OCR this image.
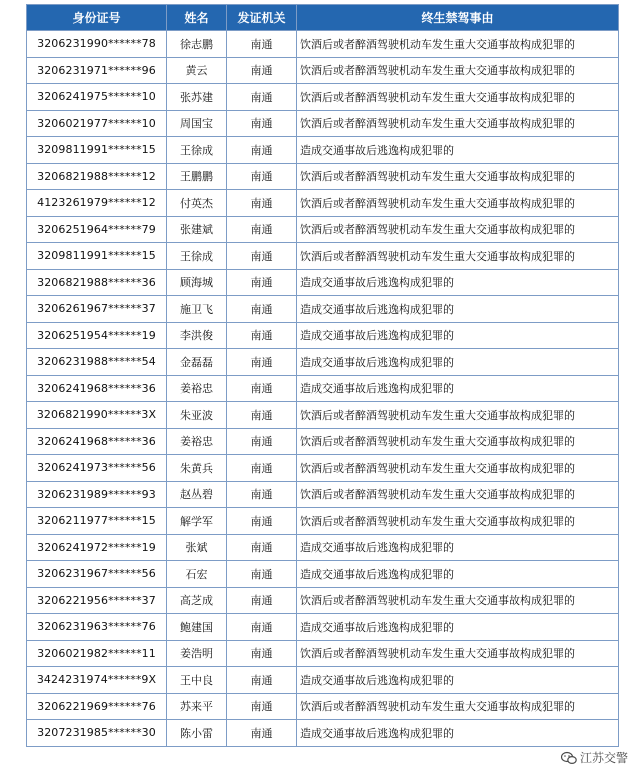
身份证号	姓名	发证机关	终生禁驾事由
3206231990******78	徐志鹏	南通	饮酒后或者醉酒驾驶机动车发生重大交通事故构成犯罪的
3206231971******96	黄云	南通	饮酒后或者醉酒驾驶机动车发生重大交通事故构成犯罪的
3206241975******10	张苏建	南通	饮酒后或者醉酒驾驶机动车发生重大交通事故构成犯罪的
3206021977******10	周国宝	南通	饮酒后或者醉酒驾驶机动车发生重大交通事故构成犯罪的
3209811991******15	王徐成	南通	造成交通事故后逃逸构成犯罪的
3206821988******12	王鹏鹏	南通	饮酒后或者醉酒驾驶机动车发生重大交通事故构成犯罪的
4123261979******12	付英杰	南通	饮酒后或者醉酒驾驶机动车发生重大交通事故构成犯罪的
3206251964******79	张建斌	南通	饮酒后或者醉酒驾驶机动车发生重大交通事故构成犯罪的
3209811991******15	王徐成	南通	饮酒后或者醉酒驾驶机动车发生重大交通事故构成犯罪的
3206821988******36	顾海城	南通	造成交通事故后逃逸构成犯罪的
3206261967******37	施卫飞	南通	造成交通事故后逃逸构成犯罪的
3206251954******19	李洪俊	南通	造成交通事故后逃逸构成犯罪的
3206231988******54	金磊磊	南通	造成交通事故后逃逸构成犯罪的
3206241968******36	姜裕忠	南通	造成交通事故后逃逸构成犯罪的
3206821990******3X	朱亚波	南通	饮酒后或者醉酒驾驶机动车发生重大交通事故构成犯罪的
3206241968******36	姜裕忠	南通	饮酒后或者醉酒驾驶机动车发生重大交通事故构成犯罪的
3206241973******56	朱黄兵	南通	饮酒后或者醉酒驾驶机动车发生重大交通事故构成犯罪的
3206231989******93	赵丛碧	南通	饮酒后或者醉酒驾驶机动车发生重大交通事故构成犯罪的
3206211977******15	解学军	南通	饮酒后或者醉酒驾驶机动车发生重大交通事故构成犯罪的
3206241972******19	张斌	南通	造成交通事故后逃逸构成犯罪的
3206231967******56	石宏	南通	造成交通事故后逃逸构成犯罪的
3206221956******37	高芝成	南通	饮酒后或者醉酒驾驶机动车发生重大交通事故构成犯罪的
3206231963******76	鲍建国	南通	造成交通事故后逃逸构成犯罪的
3206021982******11	姜浩明	南通	饮酒后或者醉酒驾驶机动车发生重大交通事故构成犯罪的
3424231974******9X	王中良	南通	造成交通事故后逃逸构成犯罪的
3206221969******76	苏来平	南通	饮酒后或者醉酒驾驶机动车发生重大交通事故构成犯罪的
3207231985******30	陈小雷	南通	造成交通事故后逃逸构成犯罪的
江苏交警
